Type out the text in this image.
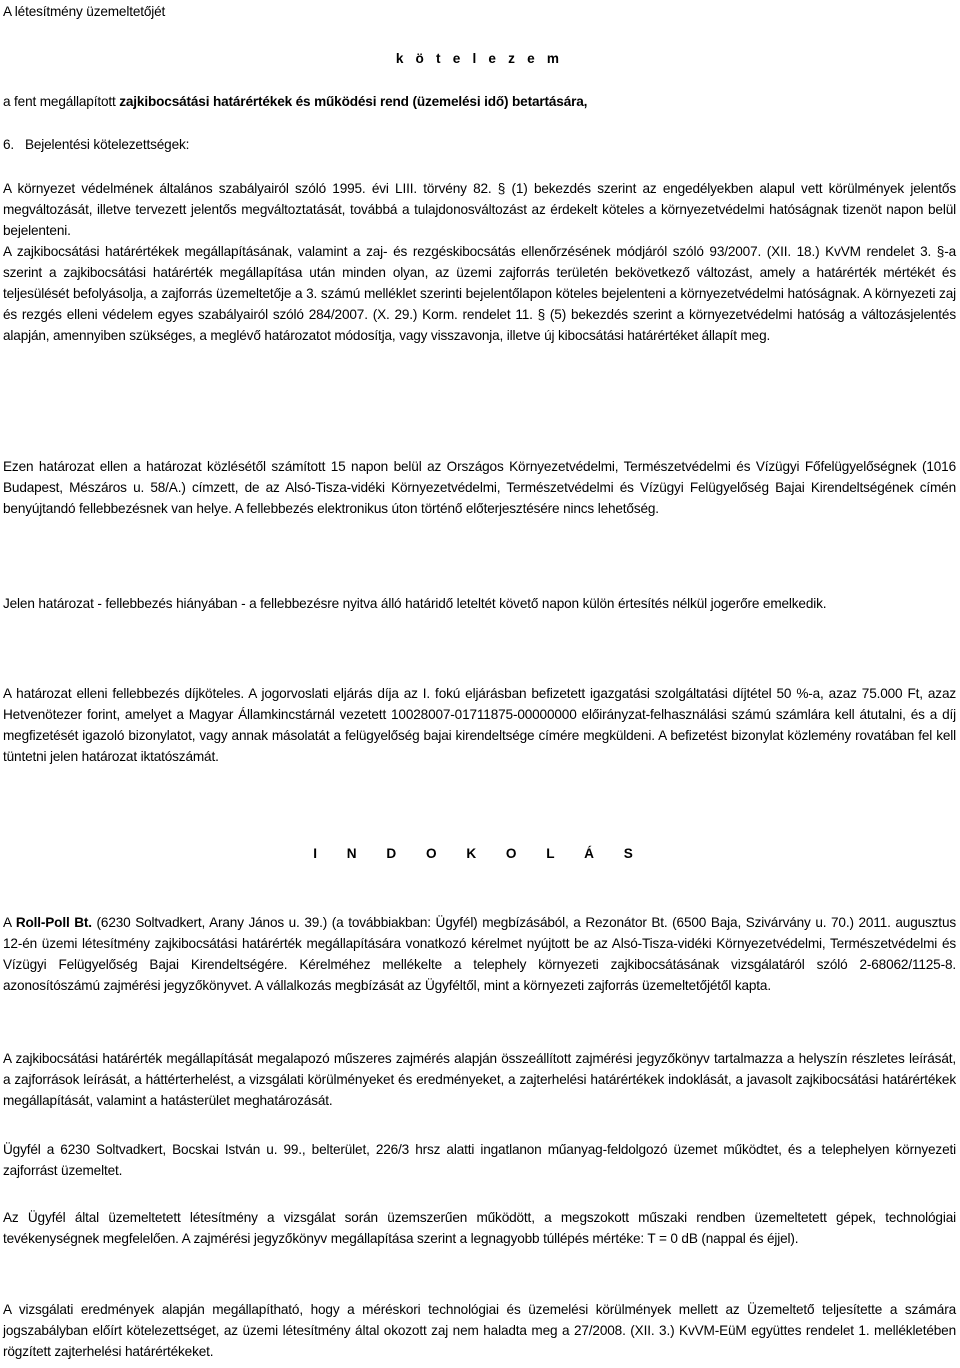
A létesítmény üzemeltetőjét

k ö t e l e z e m

a fent megállapított zajkibocsátási határértékek és működési rend (üzemelési idő) betartására,

6. Bejelentési kötelezettségek:

A környezet védelmének általános szabályairól szóló 1995. évi LIII. törvény 82. § (1) bekezdés szerint az engedélyekben alapul vett körülmények jelentős megváltozását, illetve tervezett jelentős megváltoztatását, továbbá a tulajdonosváltozást az érdekelt köteles a környezetvédelmi hatóságnak tizenöt napon belül bejelenteni.

A zajkibocsátási határértékek megállapításának, valamint a zaj- és rezgéskibocsátás ellenőrzésének módjáról szóló 93/2007. (XII. 18.) KvVM rendelet 3. §-a szerint a zajkibocsátási határérték megállapítása után minden olyan, az üzemi zajforrás területén bekövetkező változást, amely a határérték mértékét és teljesülését befolyásolja, a zajforrás üzemeltetője a 3. számú melléklet szerinti bejelentőlapon köteles bejelenteni a környezetvédelmi hatóságnak. A környezeti zaj és rezgés elleni védelem egyes szabályairól szóló 284/2007. (X. 29.) Korm. rendelet 11. § (5) bekezdés szerint a környezetvédelmi hatóság a változásjelentés alapján, amennyiben szükséges, a meglévő határozatot módosítja, vagy visszavonja, illetve új kibocsátási határértéket állapít meg.

Ezen határozat ellen a határozat közlésétől számított 15 napon belül az Országos Környezetvédelmi, Természetvédelmi és Vízügyi Főfelügyelőségnek (1016 Budapest, Mészáros u. 58/A.) címzett, de az Alsó-Tisza-vidéki Környezetvédelmi, Természetvédelmi és Vízügyi Felügyelőség Bajai Kirendeltségének címén benyújtandó fellebbezésnek van helye. A fellebbezés elektronikus úton történő előterjesztésére nincs lehetőség.

Jelen határozat - fellebbezés hiányában - a fellebbezésre nyitva álló határidő leteltét követő napon külön értesítés nélkül jogerőre emelkedik.

A határozat elleni fellebbezés díjköteles. A jogorvoslati eljárás díja az I. fokú eljárásban befizetett igazgatási szolgáltatási díjtétel 50 %-a, azaz 75.000 Ft, azaz Hetvenötezer forint, amelyet a Magyar Államkincstárnál vezetett 10028007-01711875-00000000 előirányzat-felhasználási számú számlára kell átutalni, és a díj megfizetését igazoló bizonylatot, vagy annak másolatát a felügyelőség bajai kirendeltsége címére megküldeni. A befizetést bizonylat közlemény rovatában fel kell tüntetni jelen határozat iktatószámát.

I N D O K O L Á S

A Roll-Poll Bt. (6230 Soltvadkert, Arany János u. 39.) (a továbbiakban: Ügyfél) megbízásából, a Rezonátor Bt. (6500 Baja, Szivárvány u. 70.) 2011. augusztus 12-én üzemi létesítmény zajkibocsátási határérték megállapítására vonatkozó kérelmet nyújtott be az Alsó-Tisza-vidéki Környezetvédelmi, Természetvédelmi és Vízügyi Felügyelőség Bajai Kirendeltségére. Kérelméhez mellékelte a telephely környezeti zajkibocsátásának vizsgálatáról szóló 2-68062/1125-8. azonosítószámú zajmérési jegyzőkönyvet. A vállalkozás megbízását az Ügyféltől, mint a környezeti zajforrás üzemeltetőjétől kapta.

A zajkibocsátási határérték megállapítását megalapozó műszeres zajmérés alapján összeállított zajmérési jegyzőkönyv tartalmazza a helyszín részletes leírását, a zajforrások leírását, a háttérterhelést, a vizsgálati körülményeket és eredményeket, a zajterhelési határértékek indoklását, a javasolt zajkibocsátási határértékek megállapítását, valamint a hatásterület meghatározását.

Ügyfél a 6230 Soltvadkert, Bocskai István u. 99., belterület, 226/3 hrsz alatti ingatlanon műanyag-feldolgozó üzemet működtet, és a telephelyen környezeti zajforrást üzemeltet.

Az Ügyfél által üzemeltetett létesítmény a vizsgálat során üzemszerűen működött, a megszokott műszaki rendben üzemeltetett gépek, technológiai tevékenységnek megfelelően. A zajmérési jegyzőkönyv megállapítása szerint a legnagyobb túllépés mértéke: T = 0 dB (nappal és éjjel).

A vizsgálati eredmények alapján megállapítható, hogy a méréskori technológiai és üzemelési körülmények mellett az Üzemeltető teljesítette a számára jogszabályban előírt kötelezettséget, az üzemi létesítmény által okozott zaj nem haladta meg a 27/2008. (XII. 3.) KvVM-EüM együttes rendelet 1. mellékletében rögzített zajterhelési határértékeket.
